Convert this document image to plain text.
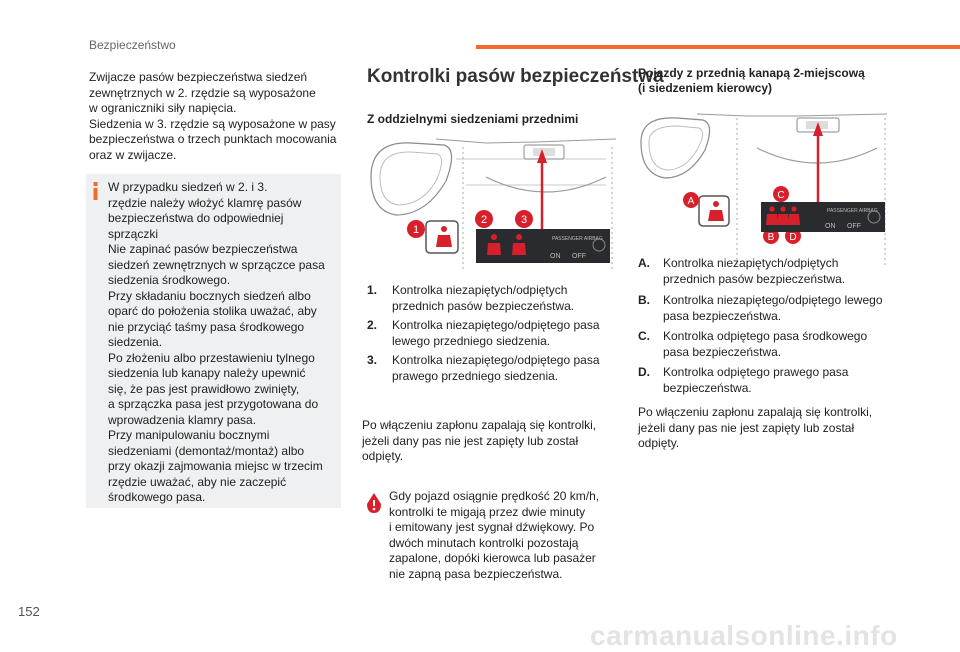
Bezpieczeństwo
Zwijacze pasów bezpieczeństwa siedzeń
zewnętrznych w 2. rzędzie są wyposażone
w ograniczniki siły napięcia.
Siedzenia w 3. rzędzie są wyposażone w pasy
bezpieczeństwa o trzech punktach mocowania
oraz w zwijacze.
W przypadku siedzeń w 2. i 3.
rzędzie należy włożyć klamrę pasów
bezpieczeństwa do odpowiedniej
sprzączki
Nie zapinać pasów bezpieczeństwa
siedzeń zewnętrznych w sprzączce pasa
siedzenia środkowego.
Przy składaniu bocznych siedzeń albo
oparć do położenia stolika uważać, aby
nie przyciąć taśmy pasa środkowego
siedzenia.
Po złożeniu albo przestawieniu tylnego
siedzenia lub kanapy należy upewnić
się, że pas jest prawidłowo zwinięty,
a sprzączka pasa jest przygotowana do
wprowadzenia klamry pasa.
Przy manipulowaniu bocznymi
siedzeniami (demontaż/montaż) albo
przy okazji zajmowania miejsc w trzecim
rzędzie uważać, aby nie zaczepić
środkowego pasa.
Kontrolki pasów bezpieczeństwa
Z oddzielnymi siedzeniami przednimi
1
2	3
PASSENGER AIRBAG
ON OFF
1.	Kontrolka niezapiętych/odpiętych przednich pasów bezpieczeństwa.
2.	Kontrolka niezapiętego/odpiętego pasa lewego przedniego siedzenia.
3.	Kontrolka niezapiętego/odpiętego pasa prawego przedniego siedzenia.
Po włączeniu zapłonu zapalają się kontrolki, jeżeli dany pas nie jest zapięty lub został odpięty.
Gdy pojazd osiągnie prędkość 20 km/h,
kontrolki te migają przez dwie minuty
i emitowany jest sygnał dźwiękowy. Po
dwóch minutach kontrolki pozostają
zapalone, dopóki kierowca lub pasażer
nie zapną pasa bezpieczeństwa.
Pojazdy z przednią kanapą 2-miejscową
(i siedzeniem kierowcy)
A
B
C
D
PASSENGER AIRBAG
ON OFF
A.	Kontrolka niezapiętych/odpiętych przednich pasów bezpieczeństwa.
B.	Kontrolka niezapiętego/odpiętego lewego pasa bezpieczeństwa.
C.	Kontrolka odpiętego pasa środkowego pasa bezpieczeństwa.
D.	Kontrolka odpiętego prawego pasa bezpieczeństwa.
Po włączeniu zapłonu zapalają się kontrolki, jeżeli dany pas nie jest zapięty lub został odpięty.
152
carmanualsonline.info
